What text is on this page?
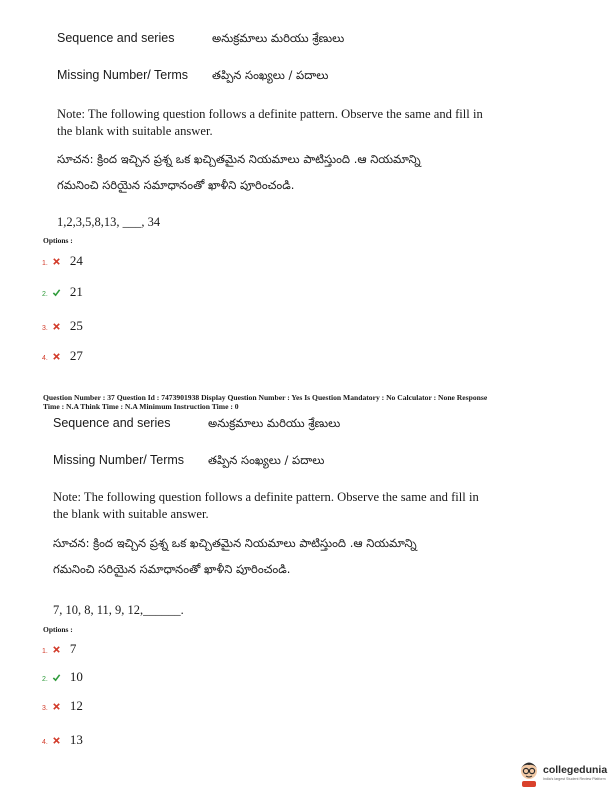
Sequence and series	అనుక్రమాలు మరియు శ్రేణులు
Missing Number/ Terms తప్పిన సంఖ్యలు / పదాలు
Note: The following question follows a definite pattern. Observe the same and fill in
the blank with suitable answer.
సూచన: క్రింద ఇచ్చిన ప్రశ్న ఒక ఖచ్చితమైన నియమాలు పాటిస్తుంది .ఆ నియమాన్ని
గమనించి సరియైన సమాధానంతో ఖాళీని పూరించండి.
1,2,3,5,8,13, ___, 34
Options :
1. 24
2. 21
3. 25
4. 27
Question Number : 37 Question Id : 7473901938 Display Question Number : Yes Is Question Mandatory : No Calculator : None Response
Time : N.A Think Time : N.A Minimum Instruction Time : 0
Sequence and series	అనుక్రమాలు మరియు శ్రేణులు
Missing Number/ Terms తప్పిన సంఖ్యలు / పదాలు
Note: The following question follows a definite pattern. Observe the same and fill in
the blank with suitable answer.
సూచన: క్రింద ఇచ్చిన ప్రశ్న ఒక ఖచ్చితమైన నియమాలు పాటిస్తుంది .ఆ నియమాన్ని
గమనించి సరియైన సమాధానంతో ఖాళీని పూరించండి.
7, 10, 8, 11, 9, 12,______.
Options :
1. 7
2. 10
3. 12
4. 13
collegedunia
India's largest Student Review Platform
